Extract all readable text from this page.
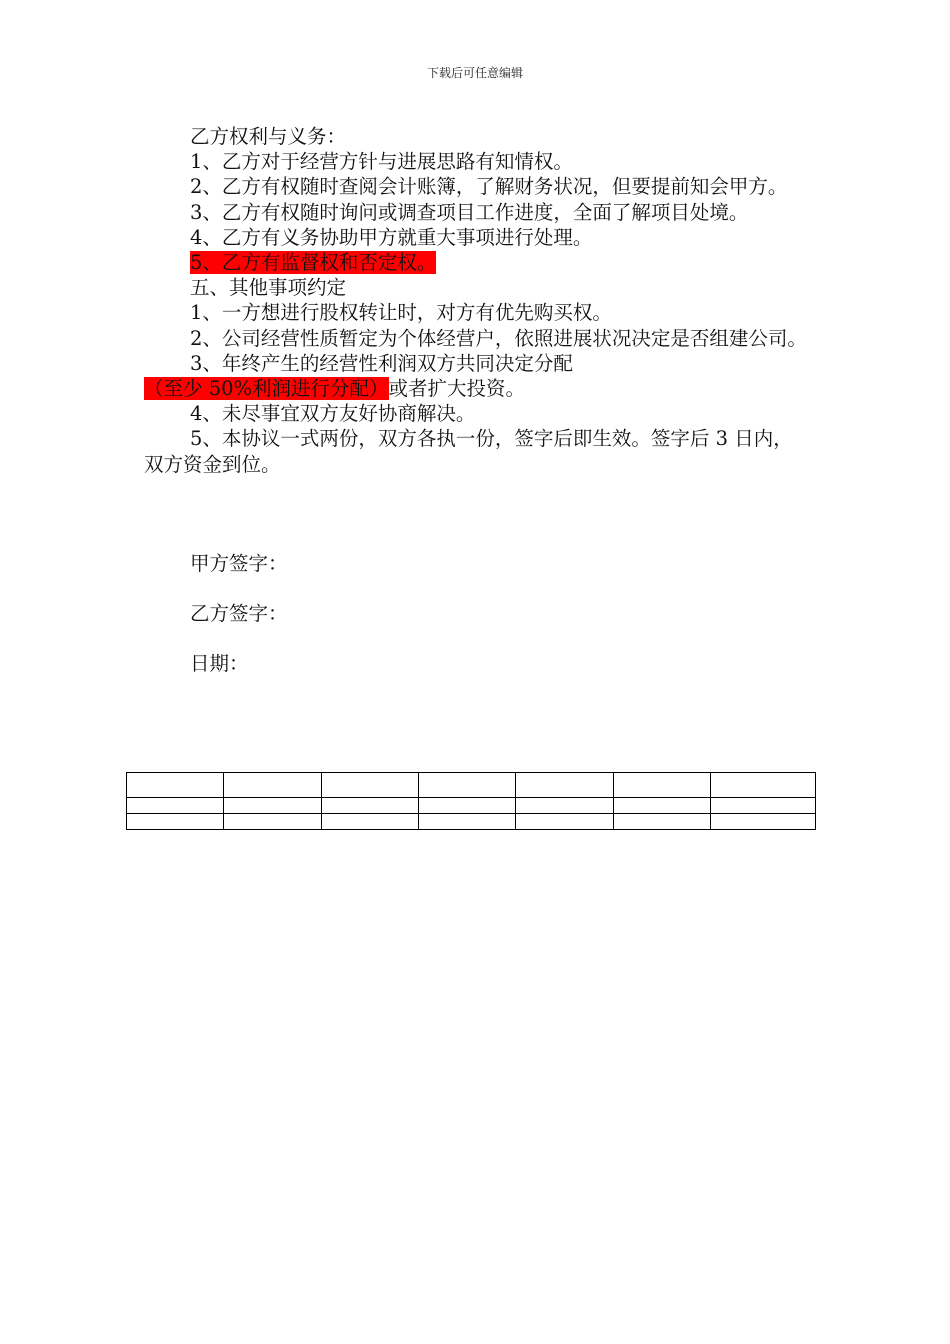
下载后可任意编辑

乙方权利与义务：

1、乙方对于经营方针与进展思路有知情权。

2、乙方有权随时查阅会计账簿，了解财务状况，但要提前知会甲方。

3、乙方有权随时询问或调查项目工作进度，全面了解项目处境。

4、乙方有义务协助甲方就重大事项进行处理。

5、乙方有监督权和否定权。

五、其他事项约定

1、一方想进行股权转让时，对方有优先购买权。

2、公司经营性质暂定为个体经营户，依照进展状况决定是否组建公司。

3、年终产生的经营性利润双方共同决定分配（至少 50%利润进行分配）或者扩大投资。

4、未尽事宜双方友好协商解决。

5、本协议一式两份，双方各执一份，签字后即生效。签字后 3 日内，双方资金到位。

甲方签字：
乙方签字：
日期：
